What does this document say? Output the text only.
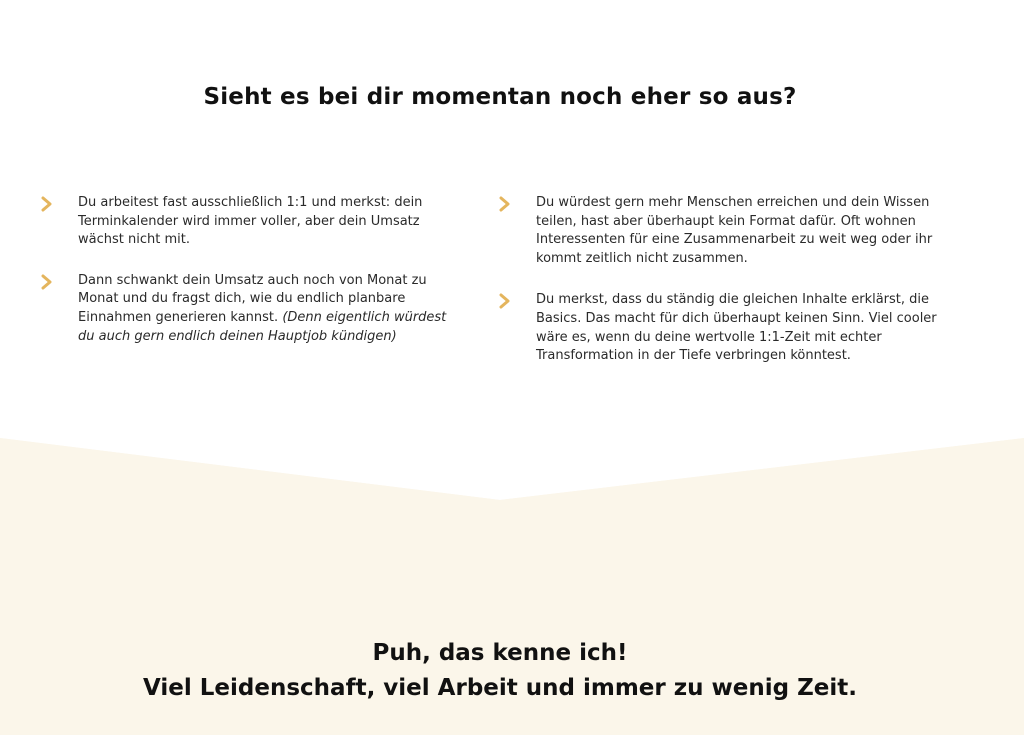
Sieht es bei dir momentan noch eher so aus?
Du arbeitest fast ausschließlich 1:1 und merkst: dein Terminkalender wird immer voller, aber dein Umsatz wächst nicht mit.
Dann schwankt dein Umsatz auch noch von Monat zu Monat und du fragst dich, wie du endlich planbare Einnahmen generieren kannst. (Denn eigentlich würdest du auch gern endlich deinen Hauptjob kündigen)
Du würdest gern mehr Menschen erreichen und dein Wissen teilen, hast aber überhaupt kein Format dafür. Oft wohnen Interessenten für eine Zusammenarbeit zu weit weg oder ihr kommt zeitlich nicht zusammen.
Du merkst, dass du ständig die gleichen Inhalte erklärst, die Basics. Das macht für dich überhaupt keinen Sinn. Viel cooler wäre es, wenn du deine wertvolle 1:1-Zeit mit echter Transformation in der Tiefe verbringen könntest.
Puh, das kenne ich!
Viel Leidenschaft, viel Arbeit und immer zu wenig Zeit.
